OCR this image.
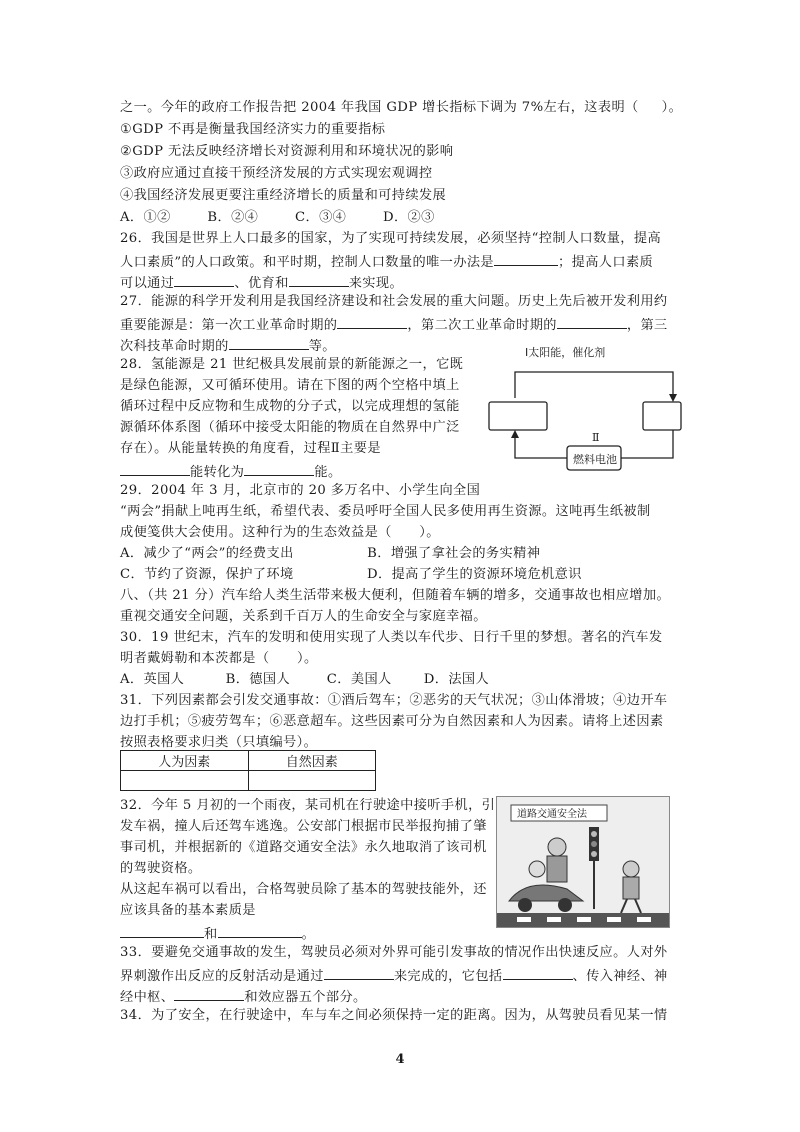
之一。今年的政府工作报告把 2004 年我国 GDP 增长指标下调为 7%左右，这表明（     ）。
①GDP 不再是衡量我国经济实力的重要指标
②GDP 无法反映经济增长对资源利用和环境状况的影响
③政府应通过直接干预经济发展的方式实现宏观调控
④我国经济发展更要注重经济增长的质量和可持续发展
A．①②        B．②④        C．③④        D．②③
26．我国是世界上人口最多的国家，为了实现可持续发展，必须坚持“控制人口数量，提高
人口素质”的人口政策。和平时期，控制人口数量的唯一办法是	；提高人口素质
可以通过	、优育和	来实现。
27．能源的科学开发利用是我国经济建设和社会发展的重大问题。历史上先后被开发利用约
重要能源是：第一次工业革命时期的	，第二次工业革命时期的	，第三
次科技革命时期的	等。
28．氢能源是 21 世纪极具发展前景的新能源之一，它既
是绿色能源，又可循环使用。请在下图的两个空格中填上
循环过程中反应物和生成物的分子式，以完成理想的氢能
源循环体系图（循环中接受太阳能的物质在自然界中广泛
存在）。从能量转换的角度看，过程Ⅱ主要是
能转化为	能。
Ⅰ太阳能，催化剂
Ⅱ
燃料电池
29．2004 年 3 月，北京市的 20 多万名中、小学生向全国
“两会”捐献上吨再生纸，希望代表、委员呼吁全国人民多使用再生资源。这吨再生纸被制
成便笺供大会使用。这种行为的生态效益是（      ）。
A．减少了“两会”的经费支出                B．增强了拿社会的务实精神
C．节约了资源，保护了环境                D．提高了学生的资源环境危机意识
八、（共 21 分）汽车给人类生活带来极大便利，但随着车辆的增多，交通事故也相应增加。
重视交通安全问题，关系到千百万人的生命安全与家庭幸福。
30．19 世纪末，汽车的发明和使用实现了人类以车代步、日行千里的梦想。著名的汽车发
明者戴姆勒和本茨都是（      ）。
A．英国人         B．德国人        C．美国人       D．法国人
31．下列因素都会引发交通事故：①酒后驾车；②恶劣的天气状况；③山体滑坡；④边开车
边打手机；⑤疲劳驾车；⑥恶意超车。这些因素可分为自然因素和人为因素。请将上述因素
按照表格要求归类（只填编号）。
人为因素	自然因素

32．今年 5 月初的一个雨夜，某司机在行驶途中接听手机，引
发车祸，撞人后还驾车逃逸。公安部门根据市民举报拘捕了肇
事司机，并根据新的《道路交通安全法》永久地取消了该司机
的驾驶资格。
从这起车祸可以看出，合格驾驶员除了基本的驾驶技能外，还
应该具备的基本素质是
和	。
道路交通安全法
33．要避免交通事故的发生，驾驶员必须对外界可能引发事故的情况作出快速反应。人对外
界刺激作出反应的反射活动是通过	来完成的，它包括	、传入神经、神
经中枢、	和效应器五个部分。
34．为了安全，在行驶途中，车与车之间必须保持一定的距离。因为，从驾驶员看见某一情
4
